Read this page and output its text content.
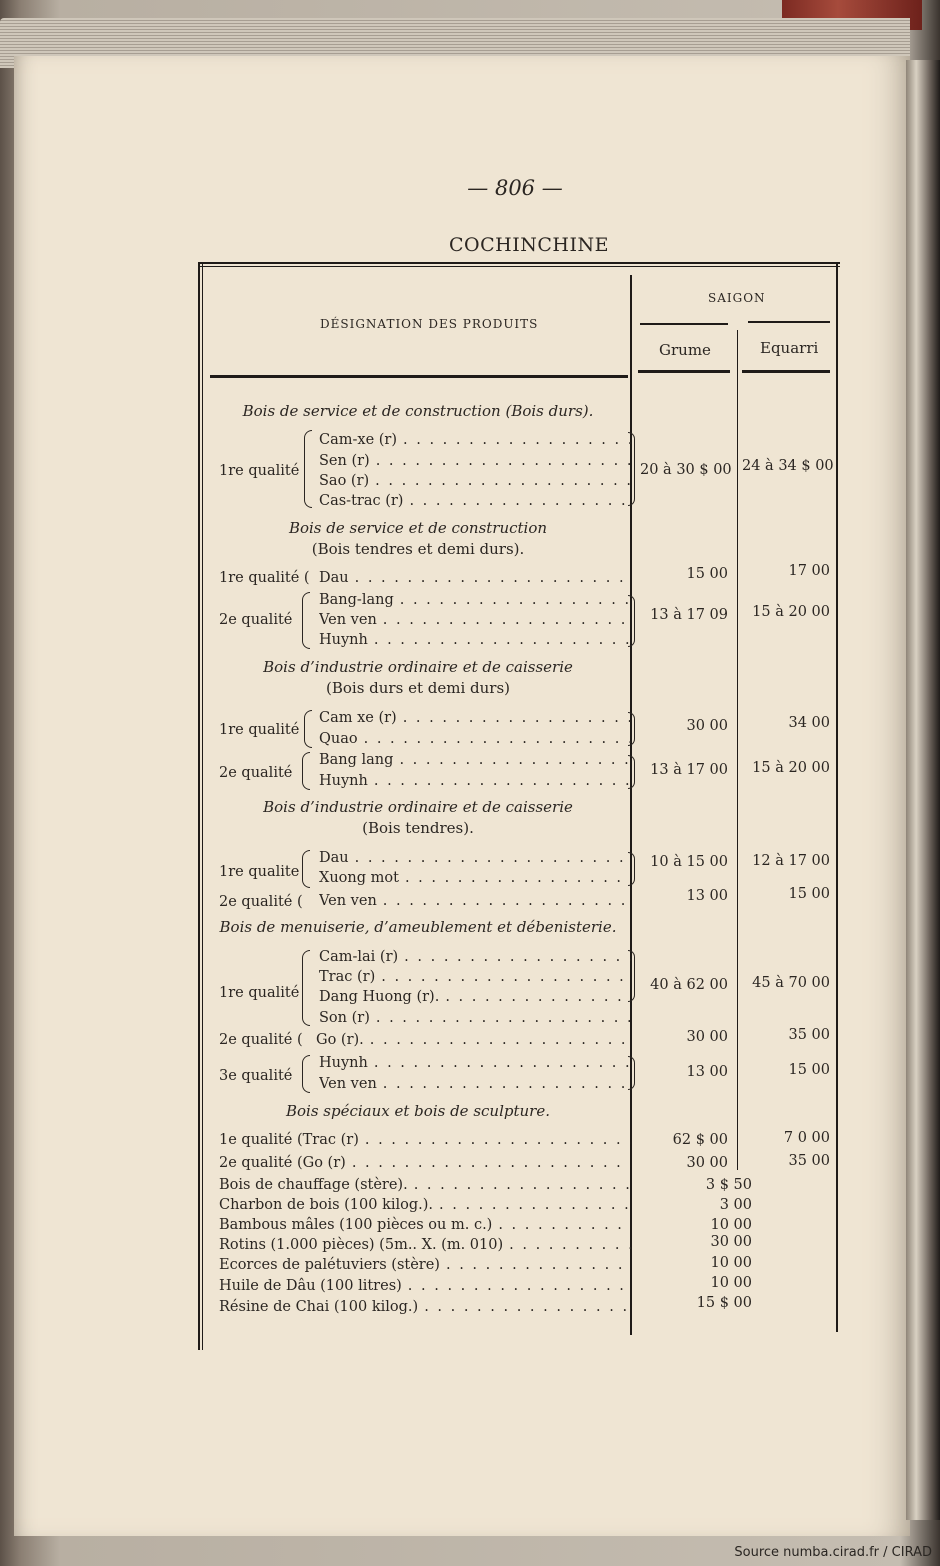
— 806 —
COCHINCHINE
DÉSIGNATION DES PRODUITS
SAIGON
Grume	Equarri
Bois de service et de construction (Bois durs).
1re qualité
Cam-xe (r) . . .
Sen (r) . . .
Sao (r) . . .
Cas-trac (r) . . .
20 à 30 $ 00 24 à 34 $ 00
Bois de service et de construction
(Bois tendres et demi durs).
1re qualité ( Dau . . .	15 00	17 00
2e qualité
Bang-lang . . .
Ven ven . . .
Huynh . . .
13 à 17 09	15 à 20 00
Bois d’industrie ordinaire et de caisserie
(Bois durs et demi durs)
1re qualité
Cam xe (r) . . .
Quao . . .
30 00	34 00
2e qualité
Bang lang . . .
Huynh . . .
13 à 17 00	15 à 20 00
Bois d’industrie ordinaire et de caisserie
(Bois tendres).
1re qualite
Dau . . .
Xuong mot . . .
10 à 15 00	12 à 17 00
2e qualité ( Ven ven . . .	13 00	15 00
Bois de menuiserie, d’ameublement et débenisterie.
1re qualité
Cam-lai (r) . . .
Trac (r) . . .
Dang Huong (r). . . .
Son (r) . . .
40 à 62 00	45 à 70 00
2e qualité ( Go (r). . . .	30 00	35 00
3e qualité
Huynh . . .
Ven ven . . .
13 00	15 00
Bois spéciaux et bois de sculpture.
1e qualité (Trac (r) . . .	62 $ 00	7 0 00
2e qualité (Go (r) . . .	30 00	35 00
Bois de chauffage (stère). . . .	3 $ 50
Charbon de bois (100 kilog.). . . .	3 00
Bambous mâles (100 pièces ou m. c.) . . .	10 00
Rotins (1.000 pièces) (5m.. X. (m. 010) . . .	30 00
Ecorces de palétuviers (stère) . . .	10 00
Huile de Dâu (100 litres) . . .	10 00
Résine de Chai (100 kilog.) . . .	15 $ 00
Source numba.cirad.fr / CIRAD
